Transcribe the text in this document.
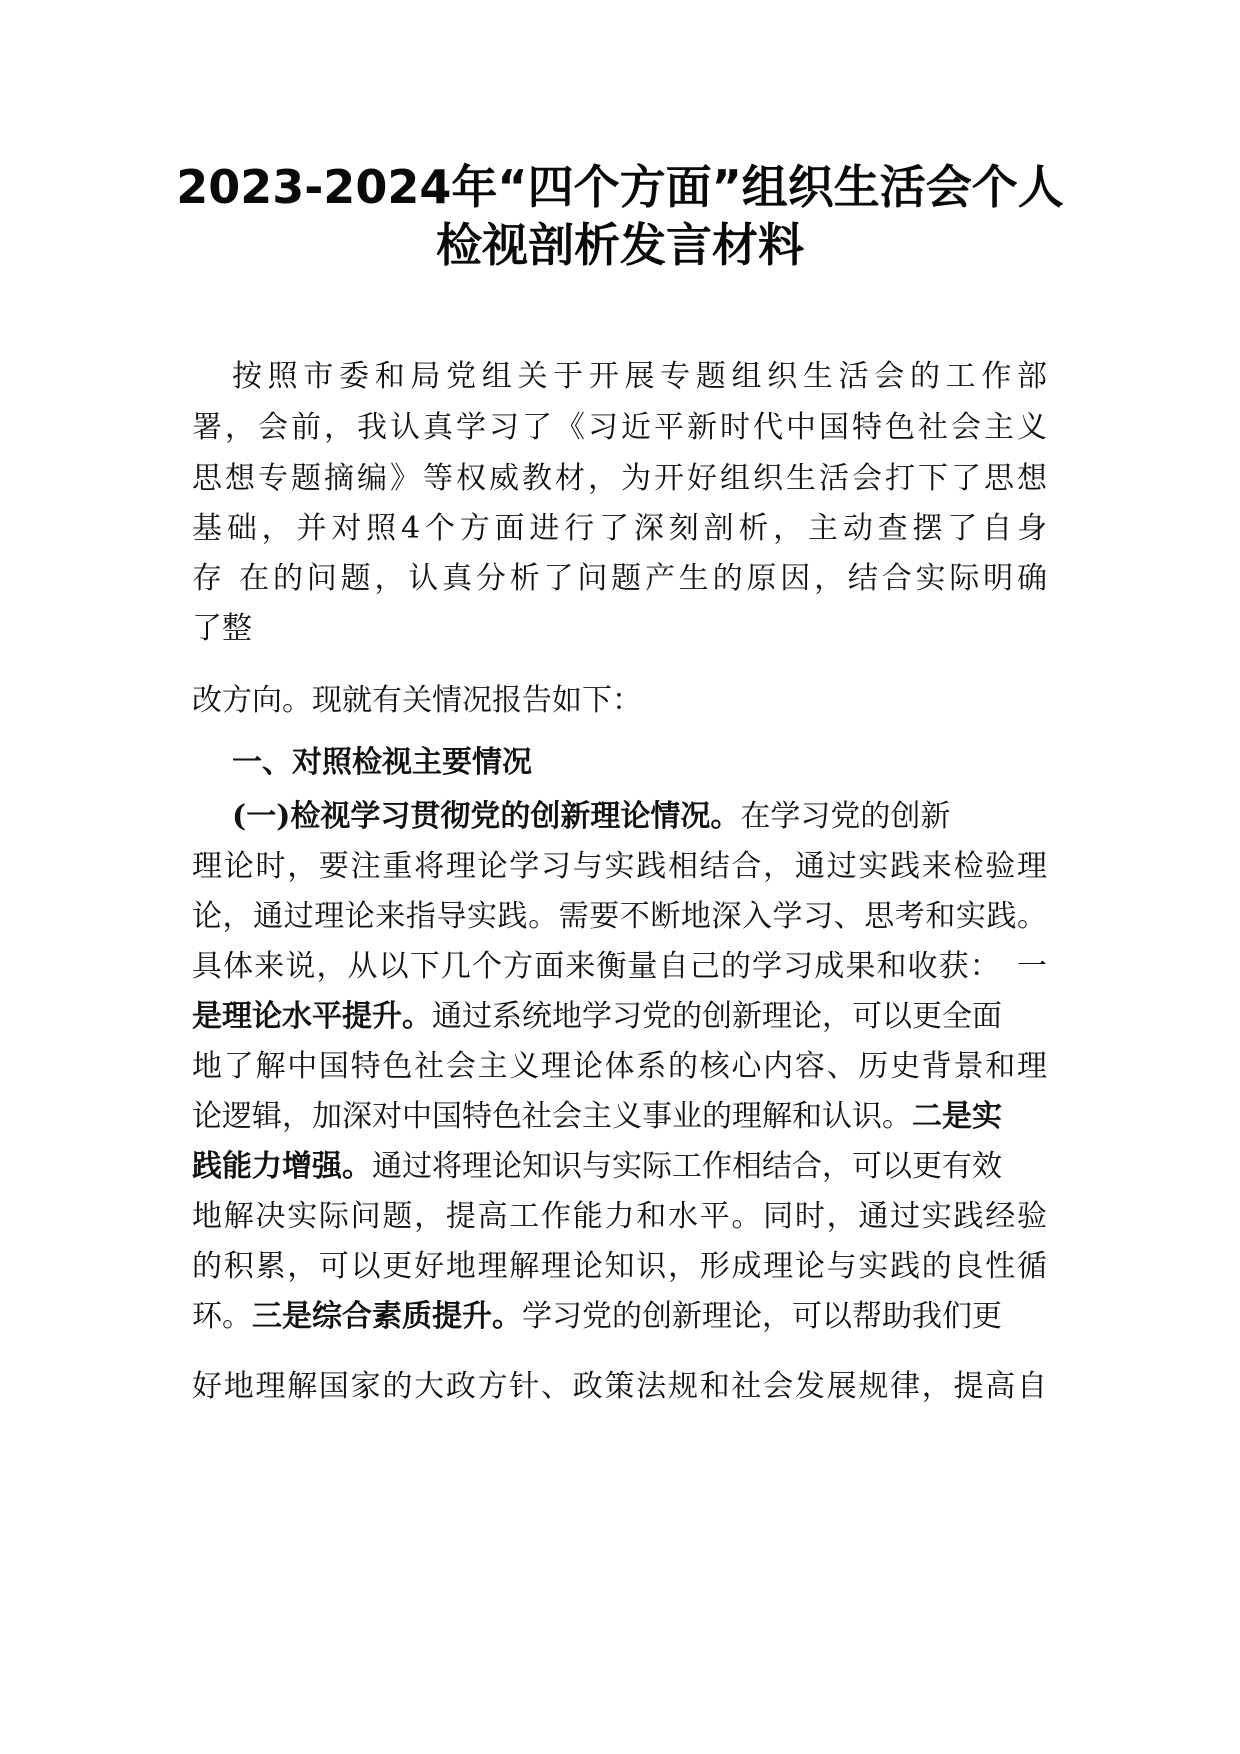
2023-2024年“四个方面”组织生活会个人
检视剖析发言材料
按照市委和局党组关于开展专题组织生活会的工作部
署，会前，我认真学习了《习近平新时代中国特色社会主义
思想专题摘编》等权威教材，为开好组织生活会打下了思想
基础，并对照4个方面进行了深刻剖析，主动查摆了自身
存 在的问题，认真分析了问题产生的原因，结合实际明确
了整
改方向。现就有关情况报告如下：
一、对照检视主要情况
(一)检视学习贯彻党的创新理论情况。在学习党的创新
理论时，要注重将理论学习与实践相结合，通过实践来检验理
论，通过理论来指导实践。需要不断地深入学习、思考和实践。
具体来说，从以下几个方面来衡量自己的学习成果和收获：　一
是理论水平提升。通过系统地学习党的创新理论，可以更全面
地了解中国特色社会主义理论体系的核心内容、历史背景和理
论逻辑，加深对中国特色社会主义事业的理解和认识。二是实
践能力增强。通过将理论知识与实际工作相结合，可以更有效
地解决实际问题，提高工作能力和水平。同时，通过实践经验
的积累，可以更好地理解理论知识，形成理论与实践的良性循
环。三是综合素质提升。学习党的创新理论，可以帮助我们更
好地理解国家的大政方针、政策法规和社会发展规律，提高自
